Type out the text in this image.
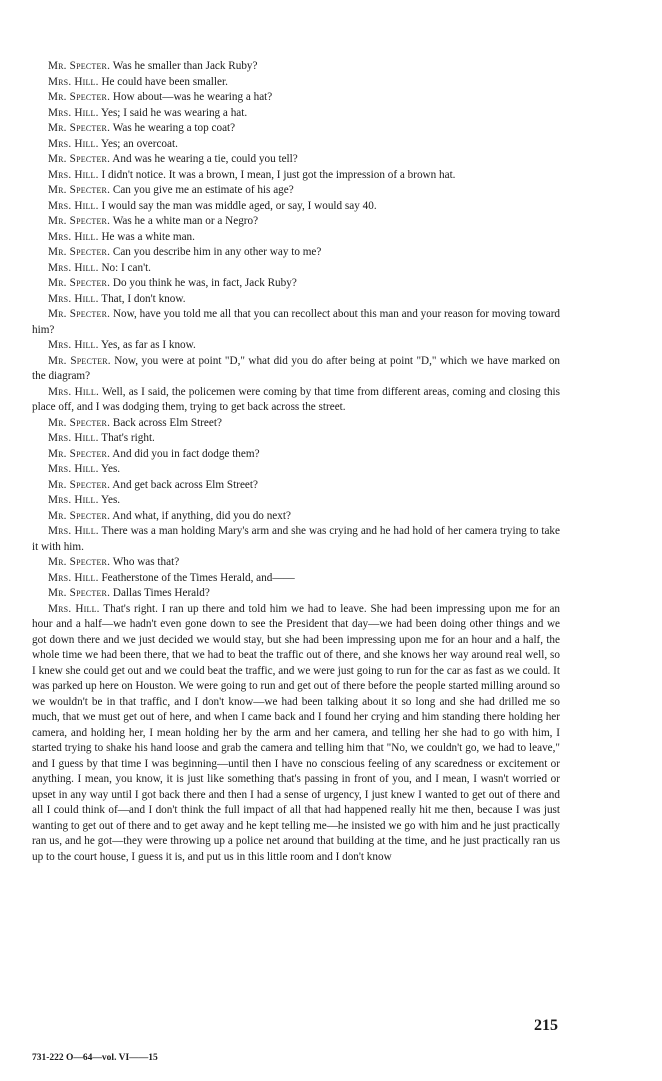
Mr. Specter. Was he smaller than Jack Ruby?

Mrs. Hill. He could have been smaller.

Mr. Specter. How about—was he wearing a hat?

Mrs. Hill. Yes; I said he was wearing a hat.

Mr. Specter. Was he wearing a top coat?

Mrs. Hill. Yes; an overcoat.

Mr. Specter. And was he wearing a tie, could you tell?

Mrs. Hill. I didn't notice. It was a brown, I mean, I just got the impression of a brown hat.

Mr. Specter. Can you give me an estimate of his age?

Mrs. Hill. I would say the man was middle aged, or say, I would say 40.

Mr. Specter. Was he a white man or a Negro?

Mrs. Hill. He was a white man.

Mr. Specter. Can you describe him in any other way to me?

Mrs. Hill. No: I can't.

Mr. Specter. Do you think he was, in fact, Jack Ruby?

Mrs. Hill. That, I don't know.

Mr. Specter. Now, have you told me all that you can recollect about this man and your reason for moving toward him?

Mrs. Hill. Yes, as far as I know.

Mr. Specter. Now, you were at point "D," what did you do after being at point "D," which we have marked on the diagram?

Mrs. Hill. Well, as I said, the policemen were coming by that time from different areas, coming and closing this place off, and I was dodging them, trying to get back across the street.

Mr. Specter. Back across Elm Street?

Mrs. Hill. That's right.

Mr. Specter. And did you in fact dodge them?

Mrs. Hill. Yes.

Mr. Specter. And get back across Elm Street?

Mrs. Hill. Yes.

Mr. Specter. And what, if anything, did you do next?

Mrs. Hill. There was a man holding Mary's arm and she was crying and he had hold of her camera trying to take it with him.

Mr. Specter. Who was that?

Mrs. Hill. Featherstone of the Times Herald, and——

Mr. Specter. Dallas Times Herald?

Mrs. Hill. That's right. I ran up there and told him we had to leave. She had been impressing upon me for an hour and a half—we hadn't even gone down to see the President that day—we had been doing other things and we got down there and we just decided we would stay, but she had been impressing upon me for an hour and a half, the whole time we had been there, that we had to beat the traffic out of there, and she knows her way around real well, so I knew she could get out and we could beat the traffic, and we were just going to run for the car as fast as we could. It was parked up here on Houston. We were going to run and get out of there before the people started milling around so we wouldn't be in that traffic, and I don't know—we had been talking about it so long and she had drilled me so much, that we must get out of here, and when I came back and I found her crying and him standing there holding her camera, and holding her, I mean holding her by the arm and her camera, and telling her she had to go with him, I started trying to shake his hand loose and grab the camera and telling him that "No, we couldn't go, we had to leave," and I guess by that time I was beginning—until then I have no conscious feeling of any scaredness or excitement or anything. I mean, you know, it is just like something that's passing in front of you, and I mean, I wasn't worried or upset in any way until I got back there and then I had a sense of urgency, I just knew I wanted to get out of there and all I could think of—and I don't think the full impact of all that had happened really hit me then, because I was just wanting to get out of there and to get away and he kept telling me—he insisted we go with him and he just practically ran us, and he got—they were throwing up a police net around that building at the time, and he just practically ran us up to the court house, I guess it is, and put us in this little room and I don't know

215
731-222 O—64—vol. VI——15
